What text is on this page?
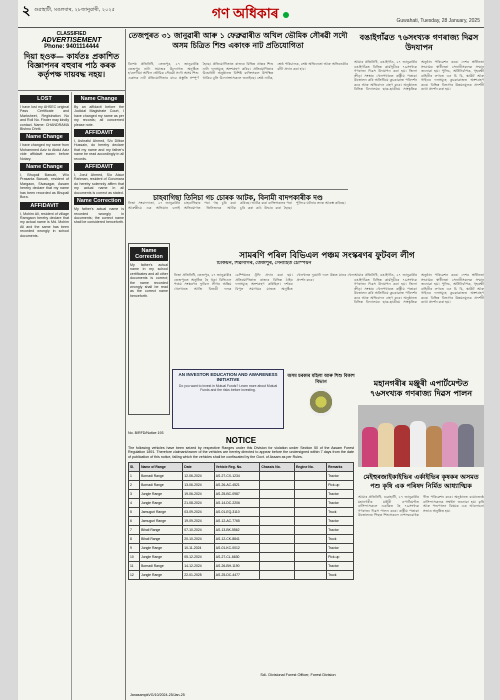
২ গুৱাহাটী, মঙলবাৰ, ২৮জানুৱাৰী, ২০২৫	গণ অধিকাৰ	Guwahati, Tuesday, 28 January, 2025
CLASSIFIED
ADVERTISEMENT
Phone: 9401114444
দিয়া হওক— কাৰ্যতঃ প্ৰকাশিত বিজ্ঞাপনৰ বহুবাৰ পাঠ কৰক কৰ্তৃপক্ষ দায়বদ্ধ নহয়।
LOST
I have lost my AHSEC original Pass Certificate and Marksheet, Registration No and Roll No. Finder may kindly contact. Name: CHANDRAMA Bishnu Dhriti.
Name Change
I have changed my name from Mohammed Aziz to Abdul Aziz vide affidavit sworn before Notary.
Name Change
I, Bhupali Baruah, W/o Prasanta Baruah, resident of Margaon, Sivasagar, Assam hereby declare that my name has been recorded as Bhupali Bora.
AFFIDAVIT
I, Mohim Ali, resident of village Ramgaon hereby declare that my actual name is Md. Mohim Ali and the same has been recorded wrongly in school documents.
Name Change
By an affidavit before the Judicial Magistrate Court, I have changed my name as per my records; all concerned please note.
AFFIDAVIT
I, Ashraful Ahmed, S/o Dilbar Hussain, do hereby declare that my name and my father's name be read accordingly in all records.
AFFIDAVIT
I, Jorul Ahmed, S/o Ataur Rahman, resident of Gorumara do hereby solemnly affirm that my actual name in all documents is correct as stated.
Name Correction
My father's actual name is recorded wrongly in documents; the correct name shall be considered henceforth.
তেজপুৰত ৩১ জানুৱাৰী আৰু ১ ফেব্ৰুৱাৰীত অখিল ভৌমিক সৌৰৱী সদৌ অসম চিত্ৰিত শিশু একাংক নাট প্ৰতিযোগিতা
বিশেষ প্ৰতিনিধি, তেজপুৰ, ২৭ জানুৱাৰীঃ তেজপুৰ নাট্য সমাজৰ উদ্যোগত অনুষ্ঠিত হ'বলগীয়া অখিল ভৌমিক সৌৰৱী সদৌ অসম শিশু একাংক নাট প্ৰতিযোগিতাৰ বাবে প্ৰস্তুতি সম্পূৰ্ণ হৈছে। প্ৰতিযোগিতাত ৰাজ্যৰ বিভিন্ন প্ৰান্তৰ শিশু নাট্য দলসমূহে অংশগ্ৰহণ কৰিব। প্ৰতিযোগিতাৰ উদ্বোধনী অনুষ্ঠানত বিশিষ্ট ব্যক্তিসকল উপস্থিত থাকিব বুলি উদ্যোক্তাসকলে জনাইছে। শ্ৰেষ্ঠ নাটক, শ্ৰেষ্ঠ পৰিচালক, শ্ৰেষ্ঠ অভিনেতা আৰু অভিনেত্ৰীৰ বাঁটা প্ৰদান কৰা হ'ব।
বঙাইগাঁৱত ৭৬সংখ্যক গণৰাজ্য দিৱস উদযাপন
আমাৰ প্ৰতিনিধি, বঙাইগাঁও, ২৭ জানুৱাৰীঃ বঙাইগাঁৱত বিভিন্ন কাৰ্যসূচীৰে ৭৬সংখ্যক গণৰাজ্য দিৱস উদযাপন কৰা হয়। জিলা ক্ৰীড়া সংস্থাৰ খেলপথাৰত ৰাষ্ট্ৰীয় পতাকা উত্তোলন কৰি অতিথিয়ে কুচকাৱাজ পৰিদৰ্শন কৰে আৰু অভিবাদন গ্ৰহণ কৰে। অনুষ্ঠানত বিভিন্ন বিদ্যালয়ৰ ছাত্ৰ-ছাত্ৰীয়ে সাংস্কৃতিক অনুষ্ঠান পৰিৱেশন কৰে। দেশৰ স্বাধীনতা সংগ্ৰামৰ স্বাধীনতা সেনানীসকলক সন্মান জনোৱা হয়। পুলিচ, অগ্নিনিৰ্বাপক, গৃহৰক্ষী বাহিনীৰ লগতে এন চি চি, স্কাউট আৰু গাইডৰ দলসমূহে কুচকাৱাজত অংশগ্ৰহণ কৰে। বিভিন্ন বিভাগৰ উন্নয়নমূলক প্ৰদৰ্শনী ৰথো প্ৰদৰ্শন কৰা হয়।
চাহবাগিছা তিনিচা গচ চোৰক আটক, বিনামী বাদপকাৰীক দণ্ড
নিজা সংবাদদাতা, ২৭ জানুৱাৰীঃ আৰক্ষীয়ে এক অভিযান চলাই চাহবাগিছাৰ পৰা গছ চুৰি কৰা অভিযোগত তিনিজনক আটক কৰিছে। আটক কৰা ব্যক্তিসকলৰ পৰা চুৰি কৰা কাঠ উদ্ধাৰ কৰা হৈছে। পুলিচে ঘটনাৰ তদন্ত আৰম্ভ কৰিছে।
Name Correction
My father's actual name in my school certificates and all other documents is correct; the name recorded wrongly shall be read as the correct name henceforth.
সামৰণি পৰিল বিভিএল পঞ্চম সংস্কৰণৰ ফুটবল লীগ
চিকিয়ন, শিৱসাগৰ, তেজপুৰ, সেনাহিত চেম্পিয়ন
নিজা প্ৰতিনিধি, তেজপুৰ, ২৭ জানুৱাৰীঃ তেজপুৰত অনুষ্ঠিত হৈ থকা বিভিএল পঞ্চম সংস্কৰণৰ ফুটবল লীগৰ অন্তিম খেলখনত আজি বিজয়ী দলক চেম্পিয়নৰ ট্ৰফি প্ৰদান কৰা হয়। প্ৰতিযোগিতাত ৰাজ্যৰ বিভিন্ন ঠাইৰ দলসমূহে অংশগ্ৰহণ কৰিছিল। দৰ্শকৰ বিপুল সমাগমৰ মাজত অনুষ্ঠিত খেলখনত দুয়োটা দলে উন্নত মানৰ খেল প্ৰদৰ্শন কৰে।
আমাৰ প্ৰতিনিধি, বঙাইগাঁও, ২৭ জানুৱাৰীঃ বঙাইগাঁৱত বিভিন্ন কাৰ্যসূচীৰে ৭৬সংখ্যক গণৰাজ্য দিৱস উদযাপন কৰা হয়। জিলা ক্ৰীড়া সংস্থাৰ খেলপথাৰত ৰাষ্ট্ৰীয় পতাকা উত্তোলন কৰি অতিথিয়ে কুচকাৱাজ পৰিদৰ্শন কৰে আৰু অভিবাদন গ্ৰহণ কৰে। অনুষ্ঠানত বিভিন্ন বিদ্যালয়ৰ ছাত্ৰ-ছাত্ৰীয়ে সাংস্কৃতিক অনুষ্ঠান পৰিৱেশন কৰে। দেশৰ স্বাধীনতা সংগ্ৰামৰ স্বাধীনতা সেনানীসকলক সন্মান জনোৱা হয়। পুলিচ, অগ্নিনিৰ্বাপক, গৃহৰক্ষী বাহিনীৰ লগতে এন চি চি, স্কাউট আৰু গাইডৰ দলসমূহে কুচকাৱাজত অংশগ্ৰহণ কৰে। বিভিন্ন বিভাগৰ উন্নয়নমূলক প্ৰদৰ্শনী ৰথো প্ৰদৰ্শন কৰা হয়।
AN INVESTOR EDUCATION AND AWARENESS INITIATIVE
Do you want to invest in Mutual Funds? Learn more about Mutual Funds and the risks before investing.
অসম চৰকাৰ মহিলা আৰু শিশু বিকাশ বিভাগ	মহানগৰীৰ মঞ্জুৰী এপাৰ্টমেণ্টত ৭৬সংখ্যক গণৰাজ্য দিৱস পালন
মেইহুৰজাইকাইভিৰ এৰ্কাইভিৰ কৃষকৰ অসমত পশু কৃষি এক পৰিষদ নিৰ্মিত আধ্যাত্মিক
আমাৰ প্ৰতিনিধি, গুৱাহাটী, ২৭ জানুৱাৰীঃ মহানগৰীৰ মঞ্জুৰী এপাৰ্টমেণ্টত বাসিন্দাসকলে একত্ৰিত হৈ ৭৬সংখ্যক গণৰাজ্য দিৱস পালন কৰে। ৰাষ্ট্ৰীয় পতাকা উত্তোলনৰ পিছত শিশুসকলে দেশাত্মবোধক গীত পৰিৱেশন কৰে। অনুষ্ঠানত বয়োজ্যেষ্ঠ বাসিন্দাসকলক সম্বৰ্ধনা জনোৱা হয়। কৃষি আৰু পশুপালন বিষয়ক এক আলোচনা সভাও অনুষ্ঠিত হয়।
No. B/RFD/Notice 193
NOTICE
The following vehicles have been seized by respective Ranges under this Division for violation under Section 50 of the Assam Forest Regulation 1891. Therefore claimant/owner of the vehicles are hereby directed to appear before the undersigned within 7 days from the date of publication of this notice, failing which the vehicles shall be confiscated by the Govt. of Assam as per Rules.
Sl.	Name of Range	Date	Vehicle Reg. No.	Chassis No.	Engine No.	Remarks
1	Bornadi Range	12-06-2024	AS-27-CX-1234			Tractor
2	Bornadi Range	13-06-2024	AS-26-AC-4521			Pick-up
3	Jungle Range	19-06-2024	AS-25-BC-0987			Tractor
4	Jungle Range	21-08-2024	AS-14-DC-2206			Tractor
5	Jamuguri Range	03-09-2024	AS-01-EQ-3110			Truck
6	Jamuguri Range	19-09-2024	AS-12-AC-7765			Tractor
7	Bihali Range	07-10-2024	AS-13-BK-5562			Tractor
8	Bihali Range	20-10-2024	AS-12-CK-8841			Truck
9	Jungle Range	10-11-2024	AS-01-KC-0012			Tractor
10	Jungle Range	05-12-2024	AS-27-CL-6630			Pick-up
11	Bornadi Range	14-12-2024	AS-26-BH-1190			Tractor
12	Jungle Range	22-01-2025	AS-25-DC-4477			Truck
Sd/- Divisional Forest Officer, Forest Division
JanasampkVG/10/2024-25/Jan-25
